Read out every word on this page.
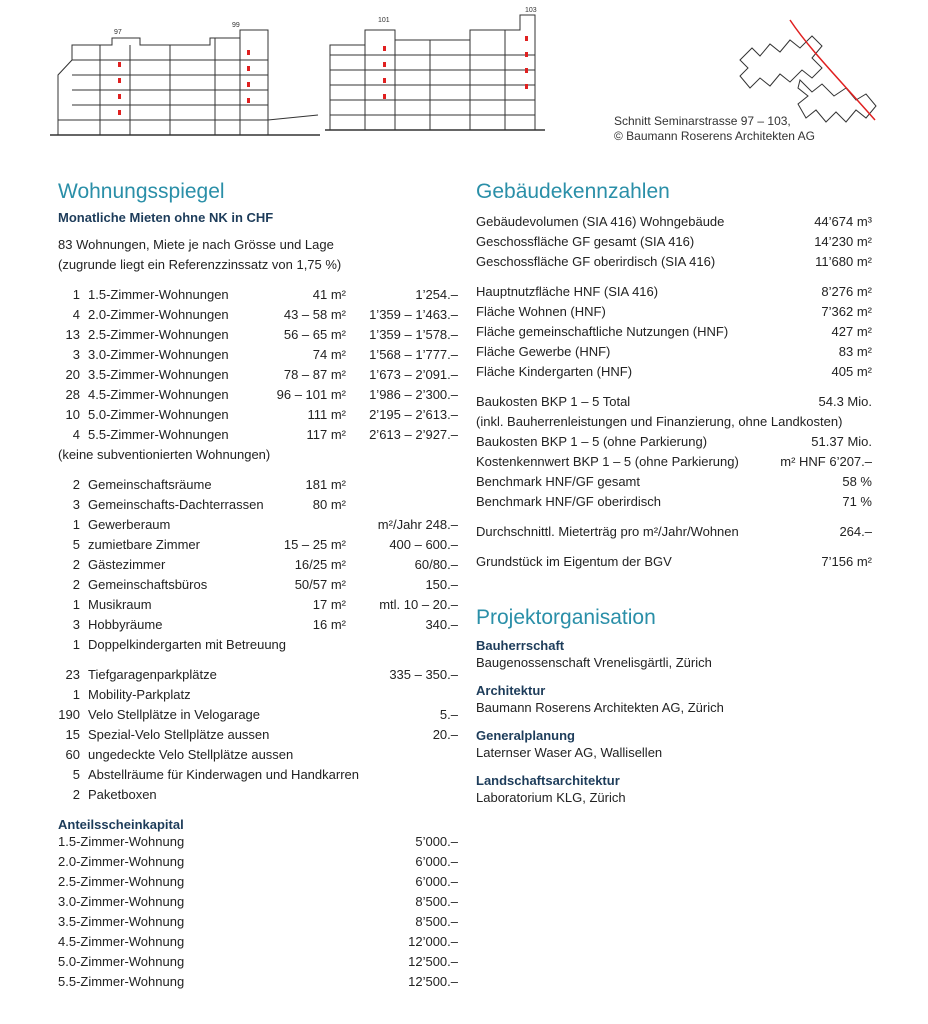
97
99
101
103
Schnitt Seminarstrasse 97 – 103,
© Baumann Roserens Architekten AG
Wohnungsspiegel
Monatliche Mieten ohne NK in CHF
83 Wohnungen, Miete je nach Grösse und Lage
(zugrunde liegt ein Referenzzinssatz von 1,75 %)
1 1.5-Zimmer-Wohnungen	41 m²	1’254.–
4 2.0-Zimmer-Wohnungen	43 – 58 m² 1’359 – 1’463.–
13 2.5-Zimmer-Wohnungen	56 – 65 m² 1’359 – 1’578.–
3 3.0-Zimmer-Wohnungen	74 m² 1’568 – 1’777.–
20 3.5-Zimmer-Wohnungen	78 – 87 m² 1’673 – 2’091.–
28 4.5-Zimmer-Wohnungen	96 – 101 m² 1’986 – 2’300.–
10 5.0-Zimmer-Wohnungen	111 m² 2’195 – 2’613.–
4 5.5-Zimmer-Wohnungen	117 m² 2’613 – 2’927.–
(keine subventionierten Wohnungen)
2 Gemeinschaftsräume	181 m²
3 Gemeinschafts-Dachterrassen	80 m²
1 Gewerberaum	m²/Jahr 248.–
5 zumietbare Zimmer	15 – 25 m²	400 – 600.–
2 Gästezimmer	16/25 m²	60/80.–
2 Gemeinschaftsbüros	50/57 m²	150.–
1 Musikraum	17 m²	mtl. 10 – 20.–
3 Hobbyräume	16 m²	340.–
1 Doppelkindergarten mit Betreuung
23 Tiefgaragenparkplätze	335 – 350.–
1 Mobility-Parkplatz
190 Velo Stellplätze in Velogarage	5.–
15 Spezial-Velo Stellplätze aussen	20.–
60 ungedeckte Velo Stellplätze aussen
5 Abstellräume für Kinderwagen und Handkarren
2 Paketboxen
Anteilsscheinkapital
1.5-Zimmer-Wohnung	5’000.–
2.0-Zimmer-Wohnung	6’000.–
2.5-Zimmer-Wohnung	6’000.–
3.0-Zimmer-Wohnung	8’500.–
3.5-Zimmer-Wohnung	8’500.–
4.5-Zimmer-Wohnung	12’000.–
5.0-Zimmer-Wohnung	12’500.–
5.5-Zimmer-Wohnung	12’500.–
Gebäudekennzahlen
Gebäudevolumen (SIA 416) Wohngebäude	44’674 m³
Geschossfläche GF gesamt (SIA 416)	14’230 m²
Geschossfläche GF oberirdisch (SIA 416)	11’680 m²
Hauptnutzfläche HNF (SIA 416)	8’276 m²
Fläche Wohnen (HNF)	7’362 m²
Fläche gemeinschaftliche Nutzungen (HNF)	427 m²
Fläche Gewerbe (HNF)	83 m²
Fläche Kindergarten (HNF)	405 m²
Baukosten BKP 1 – 5 Total	54.3 Mio.
(inkl. Bauherrenleistungen und Finanzierung, ohne Landkosten)
Baukosten BKP 1 – 5 (ohne Parkierung)	51.37 Mio.
Kostenkennwert BKP 1 – 5 (ohne Parkierung)	m² HNF 6’207.–
Benchmark HNF/GF gesamt	58 %
Benchmark HNF/GF oberirdisch	71 %
Durchschnittl. Mieterträg pro m²/Jahr/Wohnen	264.–
Grundstück im Eigentum der BGV	7’156 m²
Projektorganisation
Bauherrschaft
Baugenossenschaft Vrenelisgärtli, Zürich
Architektur
Baumann Roserens Architekten AG, Zürich
Generalplanung
Laternser Waser AG, Wallisellen
Landschaftsarchitektur
Laboratorium KLG, Zürich
